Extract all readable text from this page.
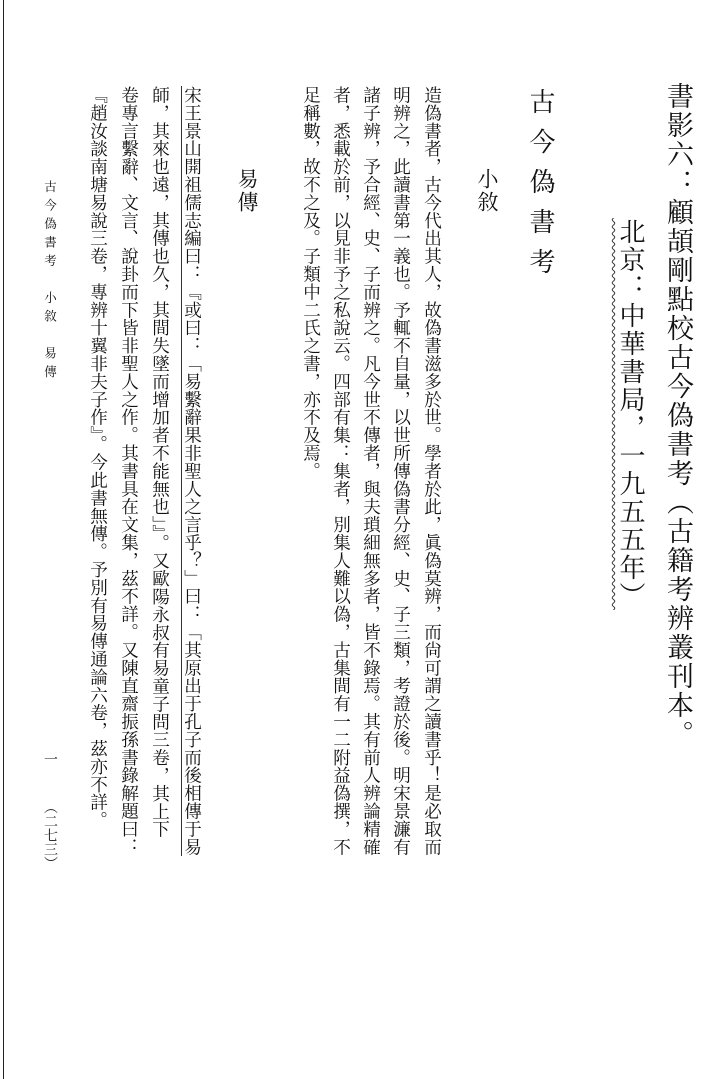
書影六：顧頡剛點校古今偽書考（古籍考辨叢刊本。
北京：中華書局，一九五五年）
古今偽書考
小敘
造偽書者，古今代出其人，故偽書滋多於世。學者於此，眞偽莫辨，而尙可謂之讀書乎！是必取而
明辨之，此讀書第一義也。予輒不自量，以世所傳偽書分經、史、子三類，考證於後。明宋景濂有
諸子辨，予合經、史、子而辨之。凡今世不傳者，與夫瑣細無多者，皆不錄焉。其有前人辨論精確
者，悉載於前，以見非予之私說云。四部有集：集者，別集人難以偽，古集間有一二附益偽撰，不
足稱數，故不之及。子類中二氏之書，亦不及焉。
易傳
宋王景山開祖儒志編曰：『或曰：「易繫辭果非聖人之言乎？」曰：「其原出于孔子而後相傳于易
師，其來也遠，其傳也久，其間失墜而增加者不能無也」』。又歐陽永叔有易童子問三卷，其上下
卷專言繫辭、文言、說卦而下皆非聖人之作。其書具在文集，茲不詳。又陳直齋振孫書錄解題曰：
『趙汝談南塘易說三卷，專辨十翼非夫子作』。今此書無傳。予別有易傳通論六卷，茲亦不詳。
古今偽書考　小敘　易傳
一
（二七三）
